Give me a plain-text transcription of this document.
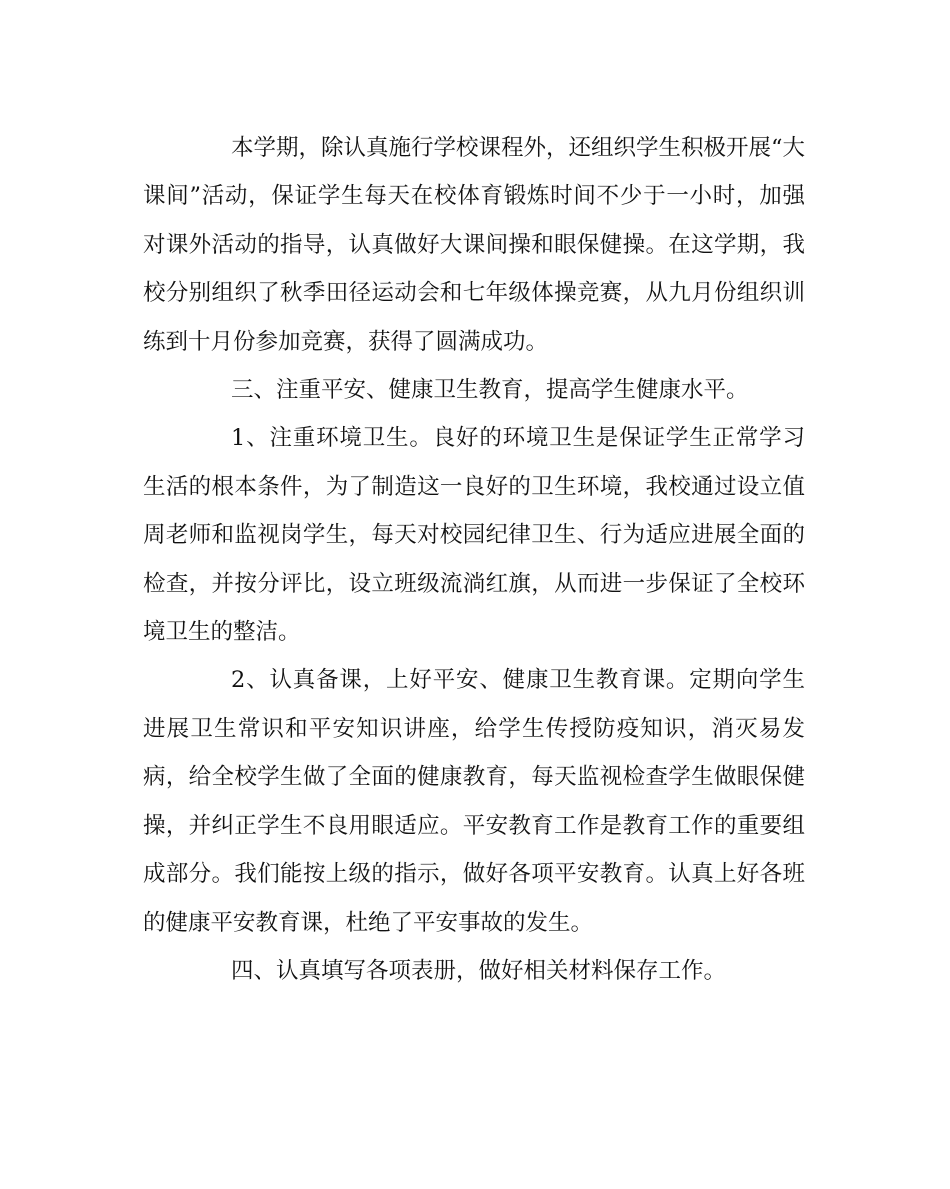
本学期，除认真施行学校课程外，还组织学生积极开展“大课间”活动，保证学生每天在校体育锻炼时间不少于一小时，加强对课外活动的指导，认真做好大课间操和眼保健操。在这学期，我校分别组织了秋季田径运动会和七年级体操竞赛，从九月份组织训练到十月份参加竞赛，获得了圆满成功。

三、注重平安、健康卫生教育，提高学生健康水平。

1、注重环境卫生。良好的环境卫生是保证学生正常学习生活的根本条件，为了制造这一良好的卫生环境，我校通过设立值周老师和监视岗学生，每天对校园纪律卫生、行为适应进展全面的检查，并按分评比，设立班级流淌红旗，从而进一步保证了全校环境卫生的整洁。

2、认真备课，上好平安、健康卫生教育课。定期向学生进展卫生常识和平安知识讲座，给学生传授防疫知识，消灭易发病，给全校学生做了全面的健康教育，每天监视检查学生做眼保健操，并纠正学生不良用眼适应。平安教育工作是教育工作的重要组成部分。我们能按上级的指示，做好各项平安教育。认真上好各班的健康平安教育课，杜绝了平安事故的发生。

四、认真填写各项表册，做好相关材料保存工作。
